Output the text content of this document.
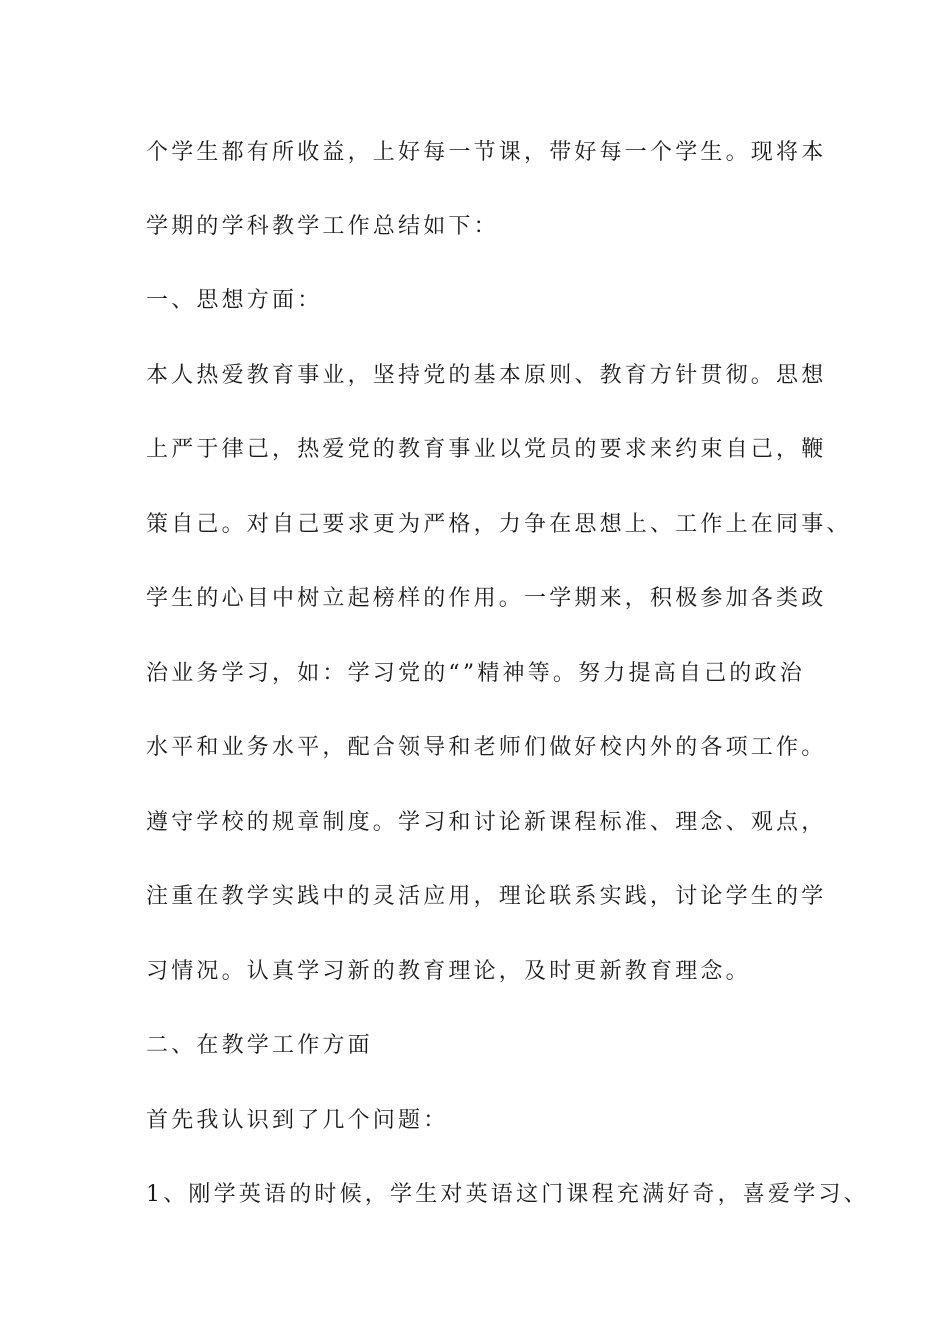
个学生都有所收益，上好每一节课，带好每一个学生。现将本

学期的学科教学工作总结如下：

一、思想方面：

本人热爱教育事业，坚持党的基本原则、教育方针贯彻。思想

上严于律己，热爱党的教育事业以党员的要求来约束自己，鞭

策自己。对自己要求更为严格，力争在思想上、工作上在同事、

学生的心目中树立起榜样的作用。一学期来，积极参加各类政

治业务学习，如：学习党的“”精神等。努力提高自己的政治

水平和业务水平，配合领导和老师们做好校内外的各项工作。

遵守学校的规章制度。学习和讨论新课程标准、理念、观点，

注重在教学实践中的灵活应用，理论联系实践，讨论学生的学

习情况。认真学习新的教育理论，及时更新教育理念。

二、在教学工作方面

首先我认识到了几个问题：

1、刚学英语的时候，学生对英语这门课程充满好奇，喜爱学习、
